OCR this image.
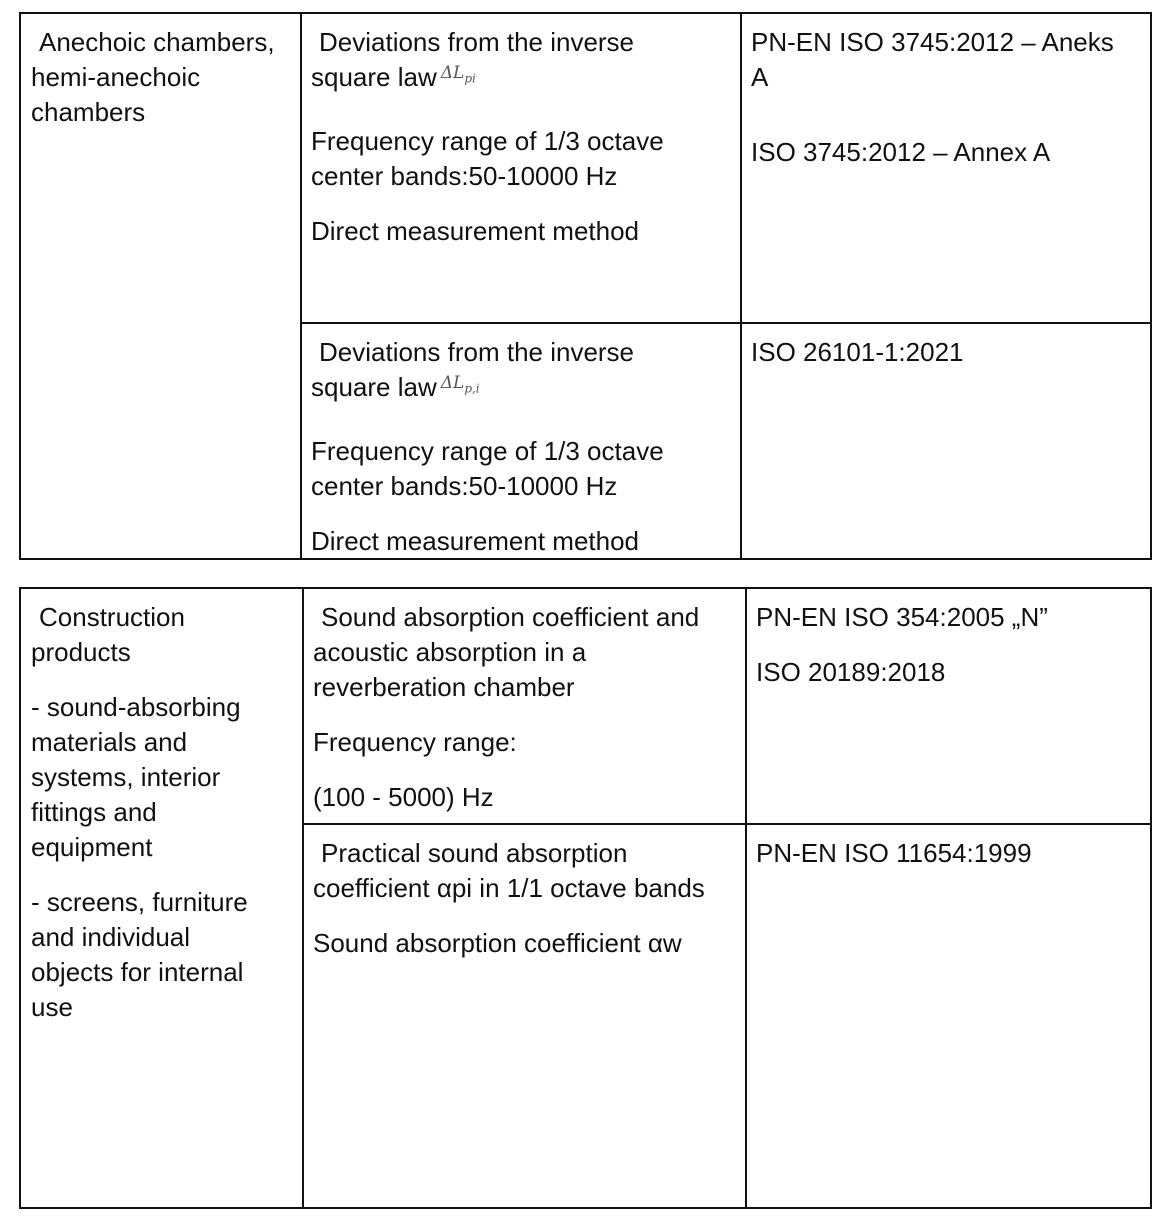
Anechoic chambers,

hemi-anechoic

chambers

Deviations from the inverse

square law $^{\Delta L_{pi}}$

Frequency range of 1/3 octave

center bands:50-10000 Hz

Direct measurement method

PN-EN ISO 3745:2012 – Aneks

A

ISO 3745:2012 – Annex A

Deviations from the inverse

square law $^{\Delta L_{p,i}}$

Frequency range of 1/3 octave

center bands:50-10000 Hz

Direct measurement method

ISO 26101-1:2021

Construction

products

- sound-absorbing

materials and

systems, interior

fittings and

equipment

- screens, furniture

and individual

objects for internal

use

Sound absorption coefficient and

acoustic absorption in a

reverberation chamber

Frequency range:

(100 - 5000) Hz

PN-EN ISO 354:2005 „N”

ISO 20189:2018

Practical sound absorption

coefficient αpi in 1/1 octave bands

Sound absorption coefficient αw

PN-EN ISO 11654:1999
